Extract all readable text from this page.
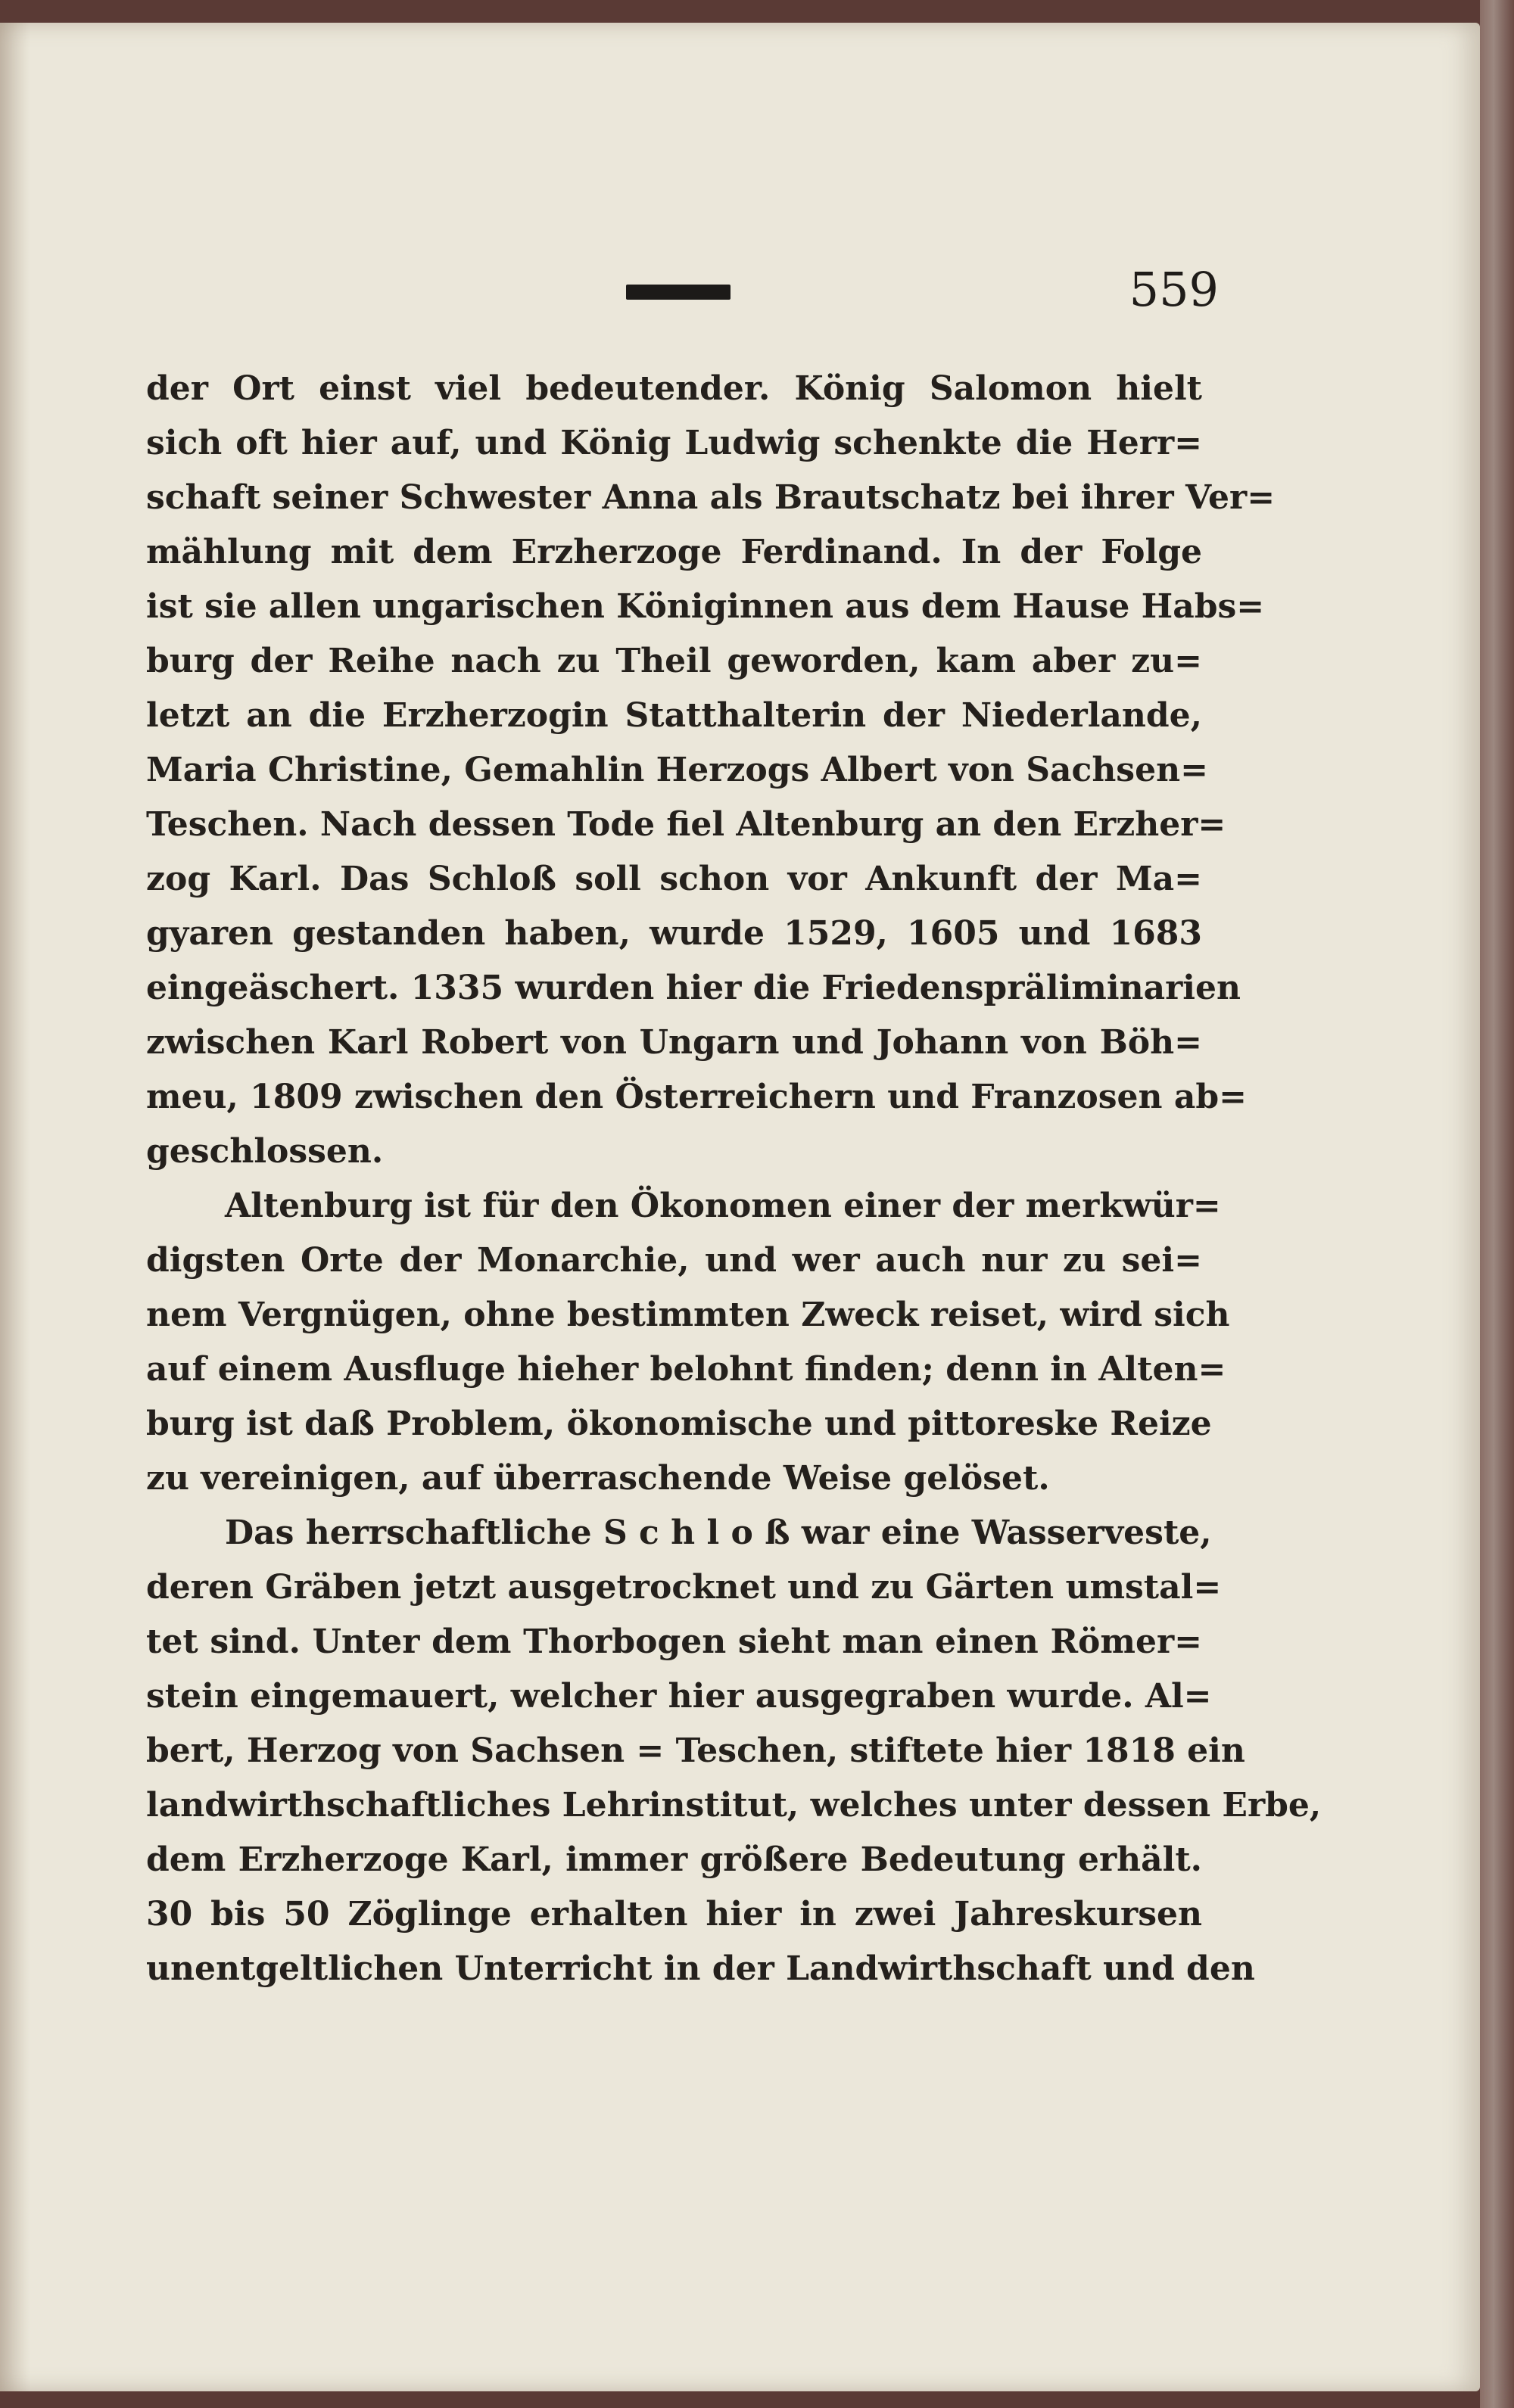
559
der Ort einst viel bedeutender. König Salomon hielt
sich oft hier auf, und König Ludwig schenkte die Herr=
schaft seiner Schwester Anna als Brautschatz bei ihrer Ver=
mählung mit dem Erzherzoge Ferdinand. In der Folge
ist sie allen ungarischen Königinnen aus dem Hause Habs=
burg der Reihe nach zu Theil geworden, kam aber zu=
letzt an die Erzherzogin Statthalterin der Niederlande,
Maria Christine, Gemahlin Herzogs Albert von Sachsen=
Teschen. Nach dessen Tode fiel Altenburg an den Erzher=
zog Karl. Das Schloß soll schon vor Ankunft der Ma=
gyaren gestanden haben, wurde 1529, 1605 und 1683
eingeäschert. 1335 wurden hier die Friedenspräliminarien
zwischen Karl Robert von Ungarn und Johann von Böh=
meu, 1809 zwischen den Österreichern und Franzosen ab=
geschlossen.
Altenburg ist für den Ökonomen einer der merkwür=
digsten Orte der Monarchie, und wer auch nur zu sei=
nem Vergnügen, ohne bestimmten Zweck reiset, wird sich
auf einem Ausfluge hieher belohnt finden; denn in Alten=
burg ist daß Problem, ökonomische und pittoreske Reize
zu vereinigen, auf überraschende Weise gelöset.
Das herrschaftliche S c h l o ß war eine Wasserveste,
deren Gräben jetzt ausgetrocknet und zu Gärten umstal=
tet sind. Unter dem Thorbogen sieht man einen Römer=
stein eingemauert, welcher hier ausgegraben wurde. Al=
bert, Herzog von Sachsen = Teschen, stiftete hier 1818 ein
landwirthschaftliches Lehrinstitut, welches unter dessen Erbe,
dem Erzherzoge Karl, immer größere Bedeutung erhält.
30 bis 50 Zöglinge erhalten hier in zwei Jahreskursen
unentgeltlichen Unterricht in der Landwirthschaft und den
